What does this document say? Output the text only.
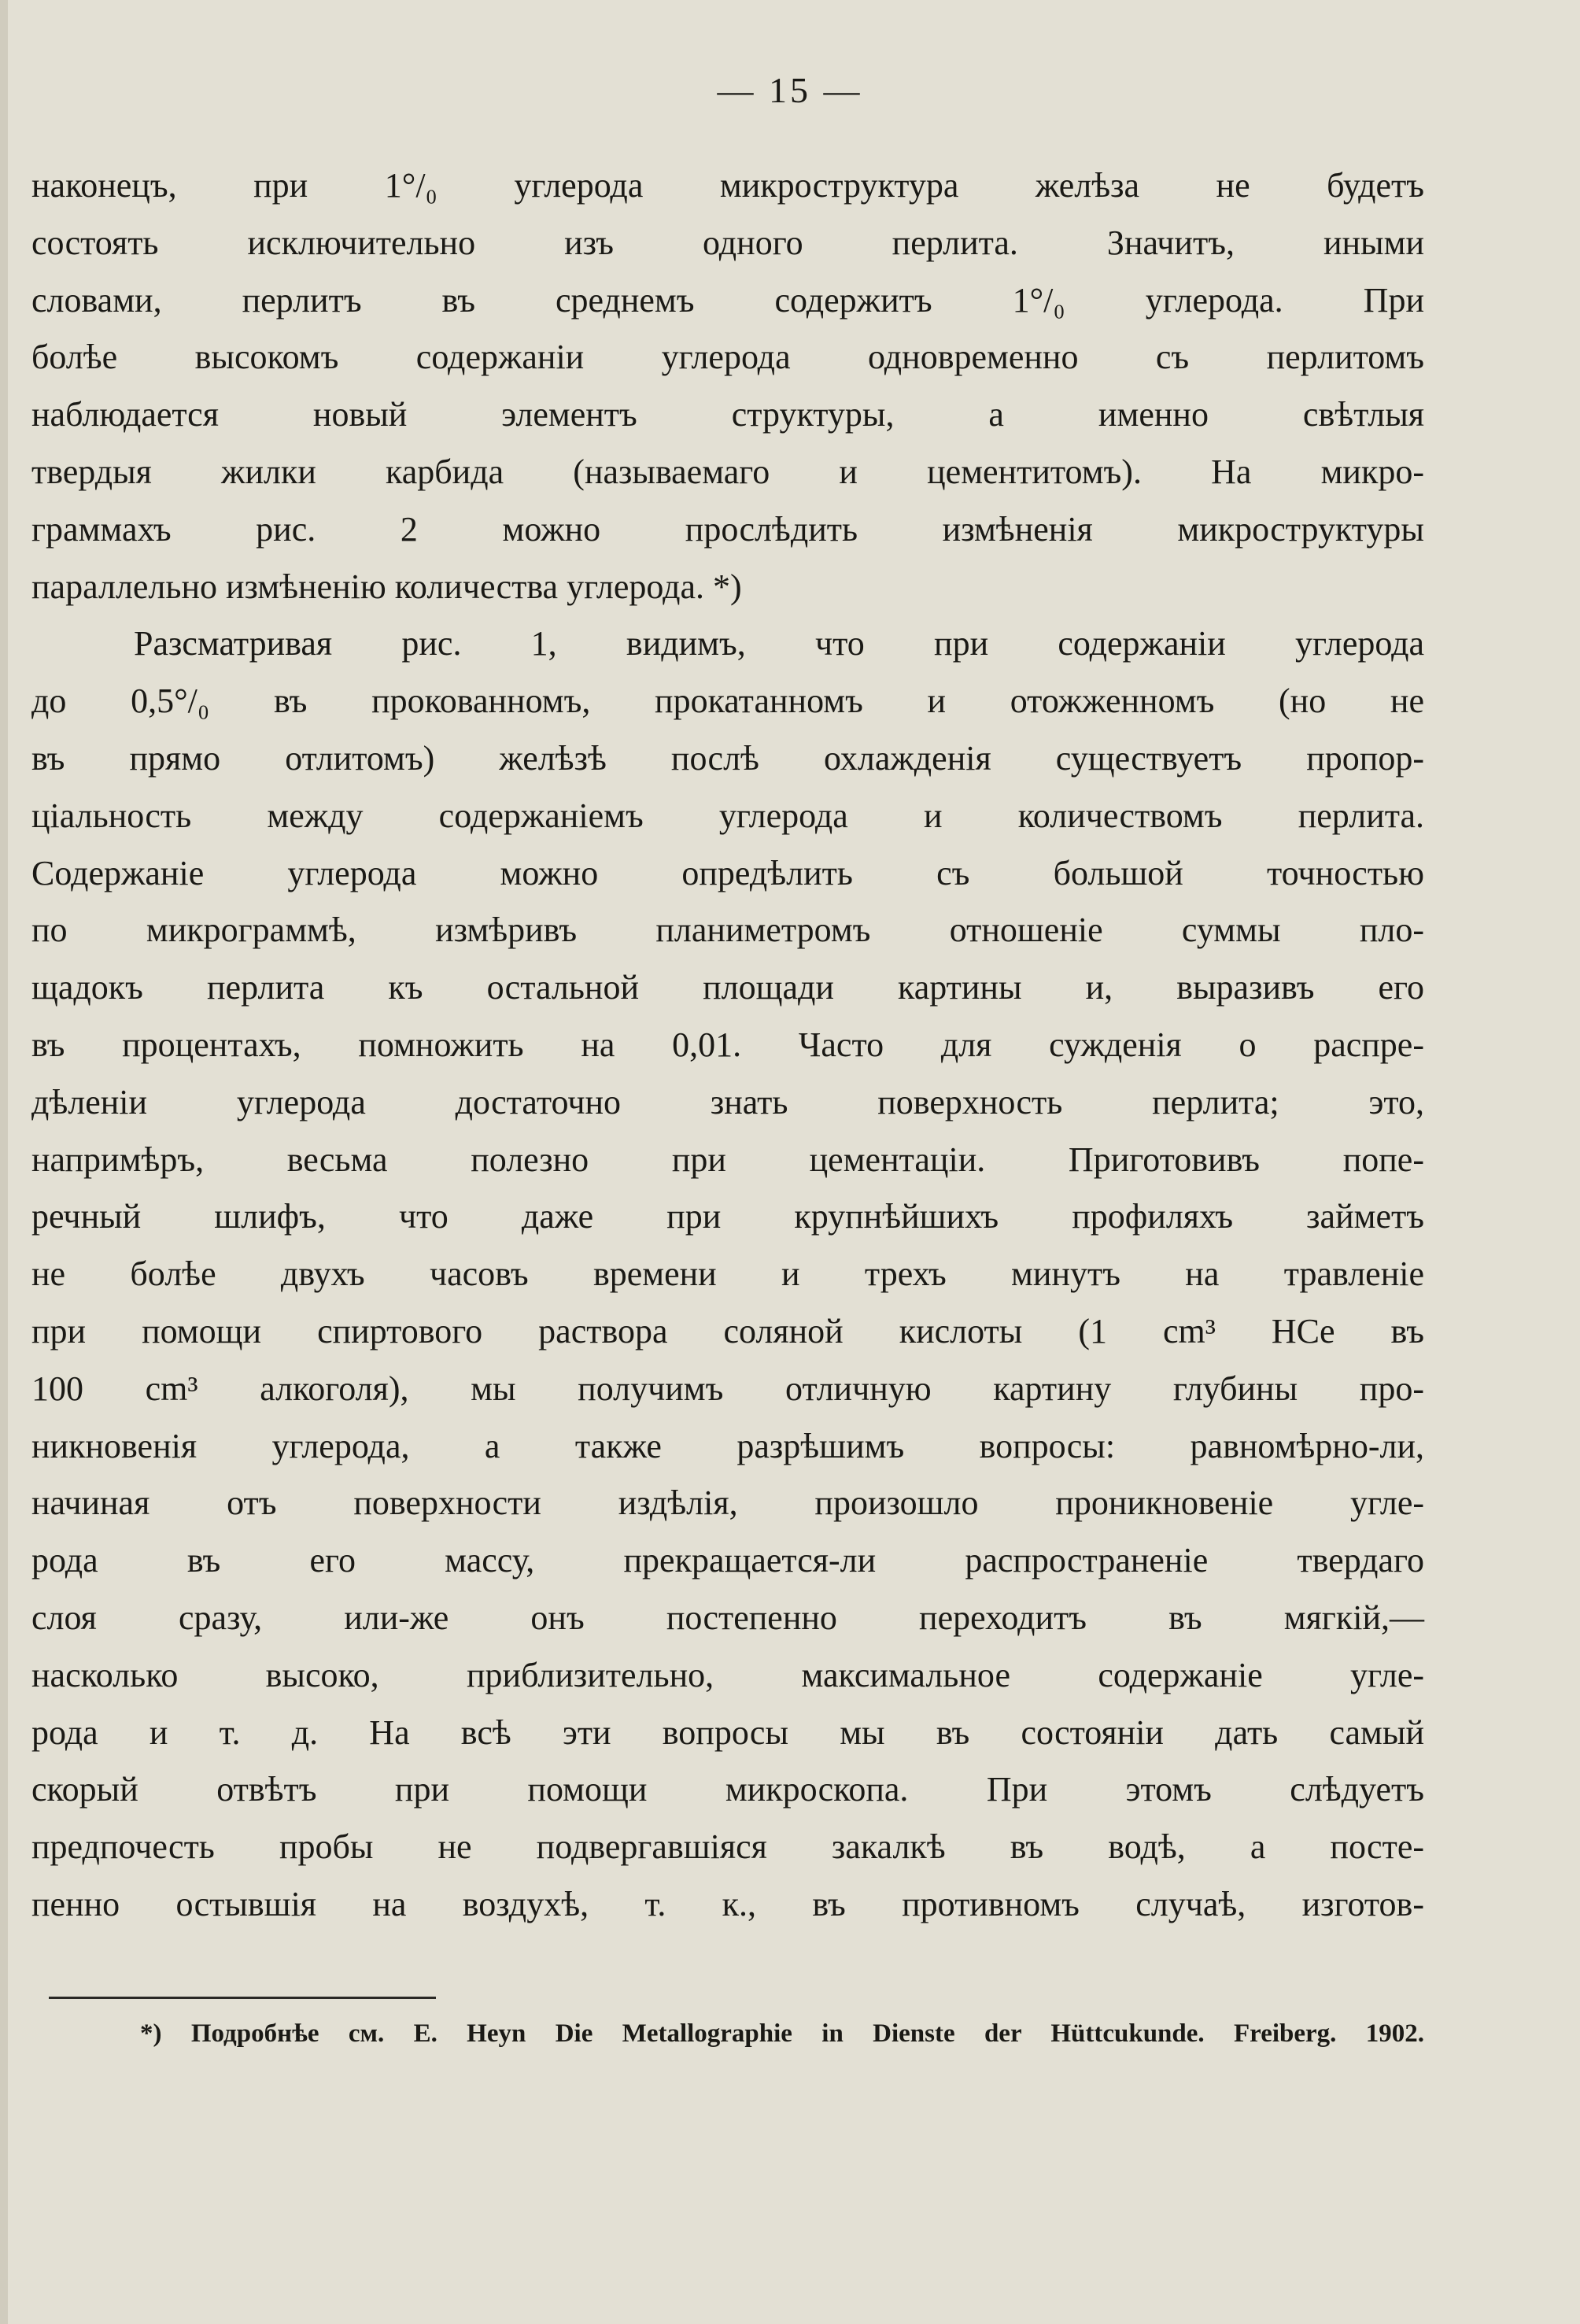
— 15 —
наконецъ, при 1°/₀ углерода микроструктура желѣза не будетъ
состоять исключительно изъ одного перлита. Значитъ, иными
словами, перлитъ въ среднемъ содержитъ 1°/₀ углерода. При
болѣе высокомъ содержанiи углерода одновременно съ перлитомъ
наблюдается новый элементъ структуры, а именно свѣтлыя
твердыя жилки карбида (называемаго и цементитомъ). На микро-
граммахъ рис. 2 можно прослѣдить измѣненiя микроструктуры
параллельно измѣненiю количества углерода. *)
Разсматривая рис. 1, видимъ, что при содержанiи углерода
до 0,5°/₀ въ прокованномъ, прокатанномъ и отожженномъ (но не
въ прямо отлитомъ) желѣзѣ послѣ охлажденiя существуетъ пропор-
цiальность между содержанiемъ углерода и количествомъ перлита.
Содержанiе углерода можно опредѣлить съ большой точностью
по микрограммѣ, измѣривъ планиметромъ отношенiе суммы пло-
щадокъ перлита къ остальной площади картины и, выразивъ его
въ процентахъ, помножить на 0,01. Часто для сужденiя о распре-
дѣленiи углерода достаточно знать поверхность перлита; это,
напримѣръ, весьма полезно при цементацiи. Приготовивъ попе-
речный шлифъ, что даже при крупнѣйшихъ профиляхъ займетъ
не болѣе двухъ часовъ времени и трехъ минутъ на травленiе
при помощи спиртового раствора соляной кислоты (1 cm³ HCe въ
100 cm³ алкоголя), мы получимъ отличную картину глубины про-
никновенiя углерода, а также разрѣшимъ вопросы: равномѣрно-ли,
начиная отъ поверхности издѣлiя, произошло проникновенiе угле-
рода въ его массу, прекращается-ли распространенiе твердаго
слоя сразу, или-же онъ постепенно переходитъ въ мягкiй,—
насколько высоко, приблизительно, максимальное содержанiе угле-
рода и т. д. На всѣ эти вопросы мы въ состоянiи дать самый
скорый отвѣтъ при помощи микроскопа. При этомъ слѣдуетъ
предпочесть пробы не подвергавшiяся закалкѣ въ водѣ, а посте-
пенно остывшiя на воздухѣ, т. к., въ противномъ случаѣ, изготов-
*) Подробнѣе см. E. Heyn Die Metallographie in Dienste der Hüttcukunde. Freiberg. 1902.
